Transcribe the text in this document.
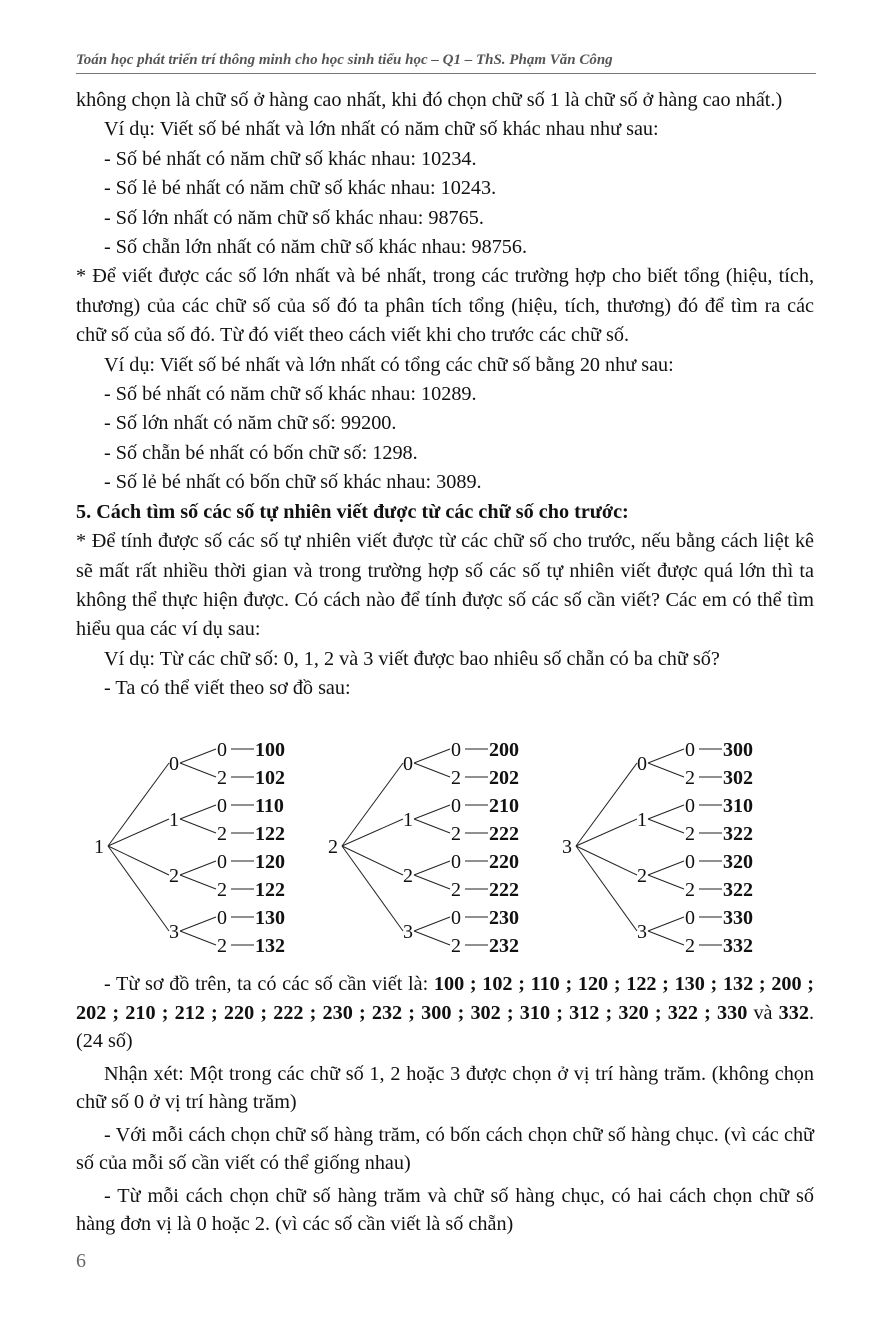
Toán học phát triển trí thông minh cho học sinh tiểu học – Q1 – ThS. Phạm Văn Công

không chọn là chữ số ở hàng cao nhất, khi đó chọn chữ số 1 là chữ số ở hàng cao nhất.)

Ví dụ: Viết số bé nhất và lớn nhất có năm chữ số khác nhau như sau:

- Số bé nhất có năm chữ số khác nhau: 10234.

- Số lẻ bé nhất có năm chữ số khác nhau: 10243.

- Số lớn nhất có năm chữ số khác nhau: 98765.

- Số chẵn lớn nhất có năm chữ số khác nhau: 98756.

* Để viết được các số lớn nhất và bé nhất, trong các trường hợp cho biết tổng (hiệu, tích, thương) của các chữ số của số đó ta phân tích tổng (hiệu, tích, thương) đó để tìm ra các chữ số của số đó. Từ đó viết theo cách viết khi cho trước các chữ số.

Ví dụ: Viết số bé nhất và lớn nhất có tổng các chữ số bằng 20 như sau:

- Số bé nhất có năm chữ số khác nhau: 10289.

- Số lớn nhất có năm chữ số: 99200.

- Số chẵn bé nhất có bốn chữ số: 1298.

- Số lẻ bé nhất có bốn chữ số khác nhau: 3089.

5. Cách tìm số các số tự nhiên viết được từ các chữ số cho trước:

* Để tính được số các số tự nhiên viết được từ các chữ số cho trước, nếu bằng cách liệt kê sẽ mất rất nhiều thời gian và trong trường hợp số các số tự nhiên viết được quá lớn thì ta không thể thực hiện được. Có cách nào để tính được số các số cần viết? Các em có thể tìm hiểu qua các ví dụ sau:

Ví dụ: Từ các chữ số: 0, 1, 2 và 3 viết được bao nhiêu số chẵn có ba chữ số?

- Ta có thể viết theo sơ đồ sau:

1
0
0 100
2 102
1
0 110
2 122
2
0 120
2 122
3
0 130
2 132
2
0
0 200
2 202
1
0 210
2 222
2
0 220
2 222
3
0 230
2 232
3
0
0 300
2 302
1
0 310
2 322
2
0 320
2 322
3
0 330
2 332

- Từ sơ đồ trên, ta có các số cần viết là: 100 ; 102 ; 110 ; 120 ; 122 ; 130 ; 132 ; 200 ; 202 ; 210 ; 212 ; 220 ; 222 ; 230 ; 232 ; 300 ; 302 ; 310 ; 312 ; 320 ; 322 ; 330 và 332. (24 số)

Nhận xét: Một trong các chữ số 1, 2 hoặc 3 được chọn ở vị trí hàng trăm. (không chọn chữ số 0 ở vị trí hàng trăm)

- Với mỗi cách chọn chữ số hàng trăm, có bốn cách chọn chữ số hàng chục. (vì các chữ số của mỗi số cần viết có thể giống nhau)

- Từ mỗi cách chọn chữ số hàng trăm và chữ số hàng chục, có hai cách chọn chữ số hàng đơn vị là 0 hoặc 2. (vì các số cần viết là số chẵn)

6
